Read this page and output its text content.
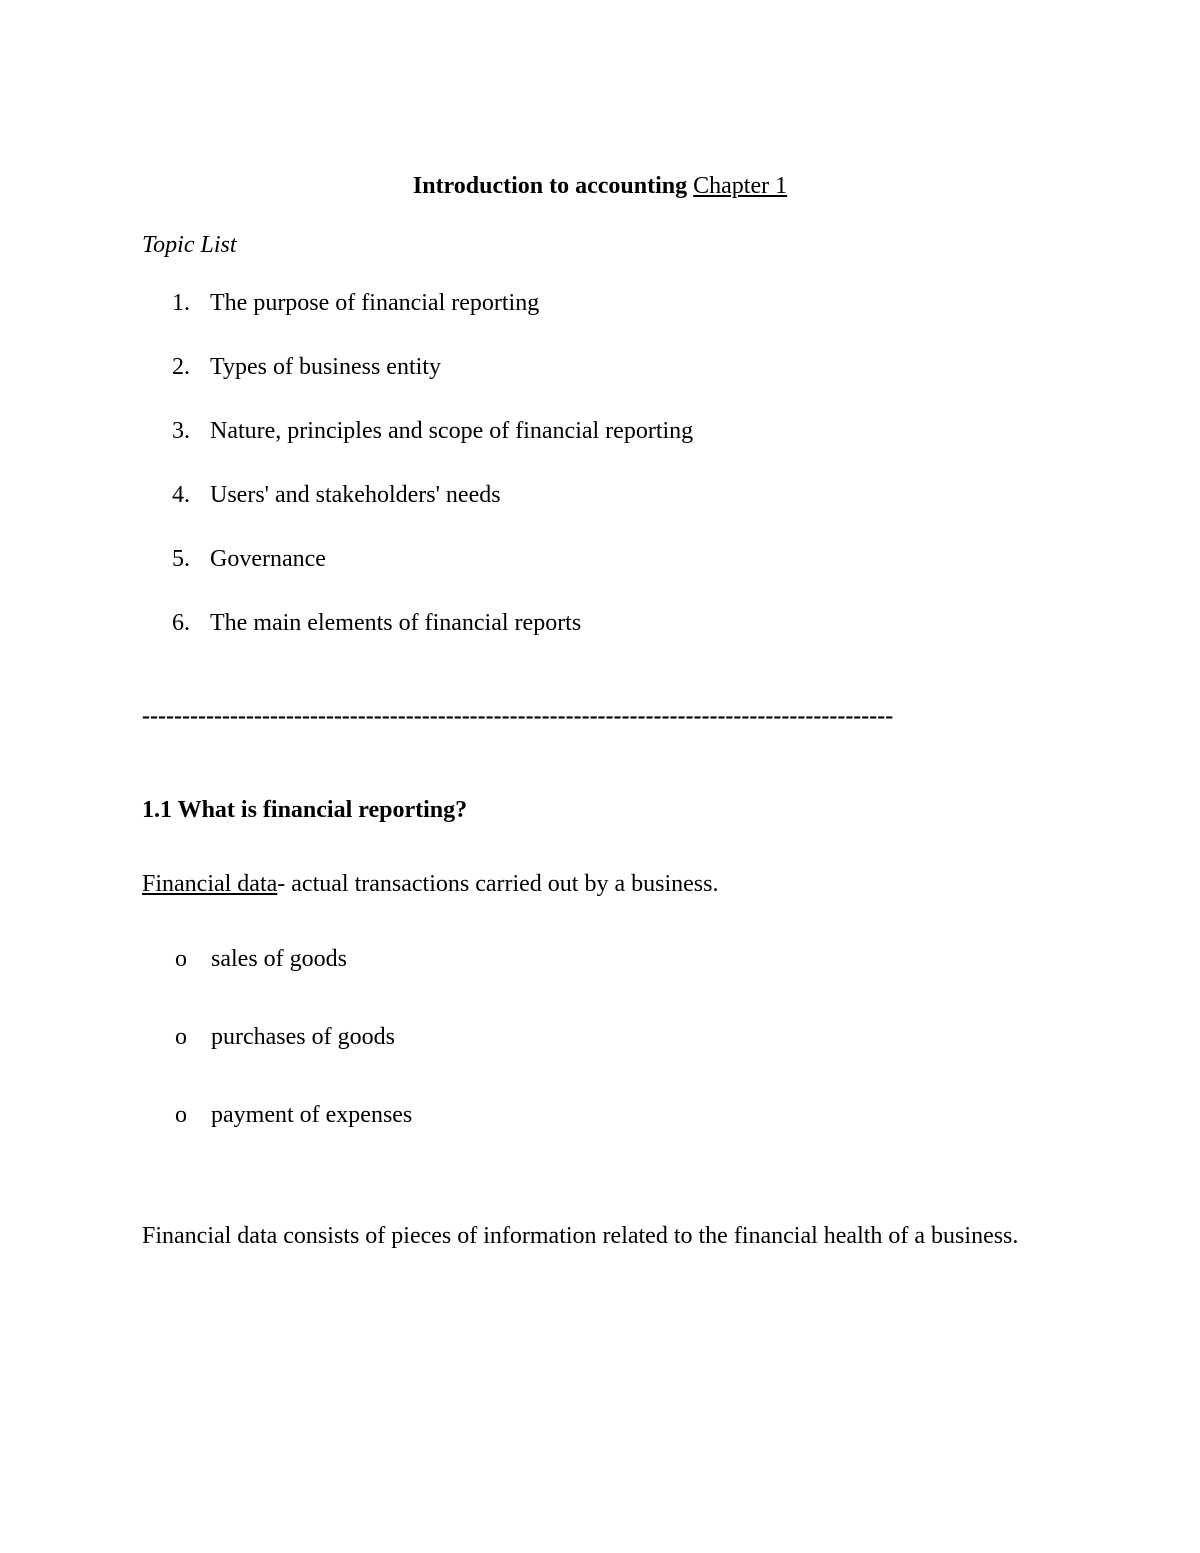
Introduction to accounting Chapter 1
Topic List
1. The purpose of financial reporting
2. Types of business entity
3. Nature, principles and scope of financial reporting
4. Users' and stakeholders' needs
5. Governance
6. The main elements of financial reports
----------------------------------------------------------------------------------------------
1.1 What is financial reporting?
Financial data- actual transactions carried out by a business.
o sales of goods
o purchases of goods
o payment of expenses
Financial data consists of pieces of information related to the financial health of a business.
